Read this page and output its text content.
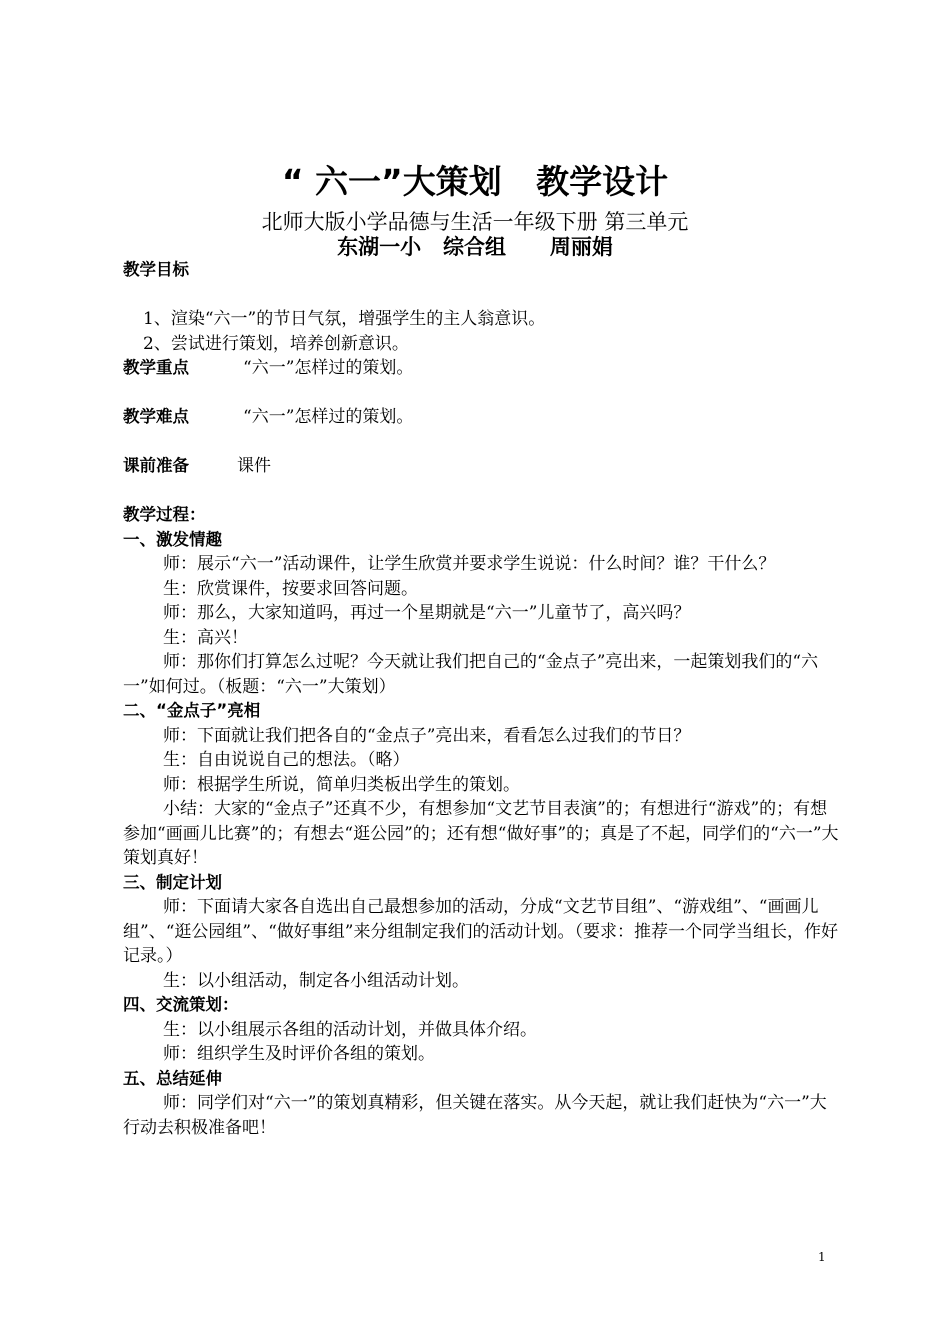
“ 六一”大策划   教学设计
北师大版小学品德与生活一年级下册 第三单元
东湖一小   综合组      周丽娟

教学目标

1、渲染“六一”的节日气氛，增强学生的主人翁意识。

2、尝试进行策划，培养创新意识。

教学重点	“六一”怎样过的策划。

教学难点	“六一”怎样过的策划。

课前准备	课件

教学过程：

一、激发情趣

师：展示“六一”活动课件，让学生欣赏并要求学生说说：什么时间？谁？干什么？

生：欣赏课件，按要求回答问题。

师：那么，大家知道吗，再过一个星期就是“六一”儿童节了，高兴吗？

生：高兴！

师：那你们打算怎么过呢？今天就让我们把自己的“金点子”亮出来，一起策划我们的“六一”如何过。（板题：“六一”大策划）

二、“金点子”亮相

师：下面就让我们把各自的“金点子”亮出来，看看怎么过我们的节日？

生：自由说说自己的想法。（略）

师：根据学生所说，简单归类板出学生的策划。

小结：大家的“金点子”还真不少，有想参加“文艺节目表演”的；有想进行“游戏”的；有想参加“画画儿比赛”的；有想去“逛公园”的；还有想“做好事”的；真是了不起，同学们的“六一”大策划真好！

三、制定计划

师：下面请大家各自选出自己最想参加的活动，分成“文艺节目组”、“游戏组”、“画画儿组”、“逛公园组”、“做好事组”来分组制定我们的活动计划。（要求：推荐一个同学当组长，作好记录。）

生：以小组活动，制定各小组活动计划。

四、交流策划：

生：以小组展示各组的活动计划，并做具体介绍。

师：组织学生及时评价各组的策划。

五、总结延伸

师：同学们对“六一”的策划真精彩，但关键在落实。从今天起，就让我们赶快为“六一”大行动去积极准备吧！

1
